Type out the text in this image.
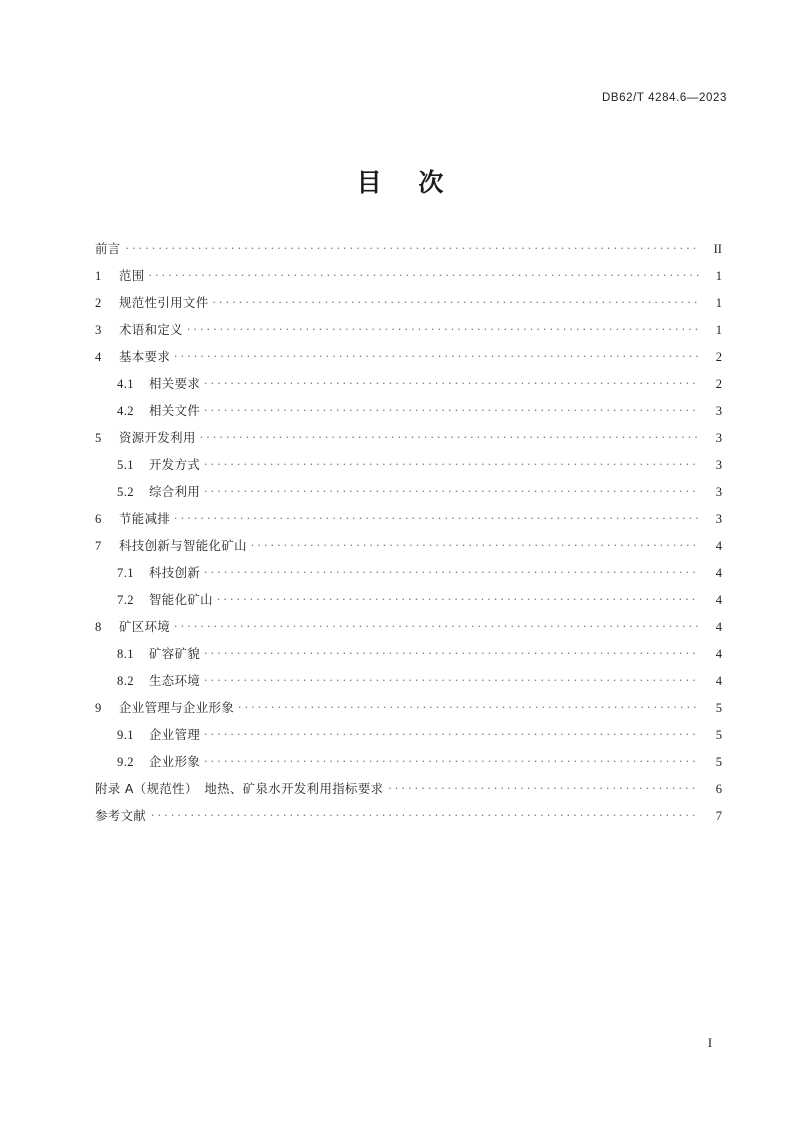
DB62/T 4284.6—2023
目 次
前言 . . .	II
1	范围 . . .	1
2	规范性引用文件 . . .	1
3	术语和定义 . . .	1
4	基本要求 . . .	2
4.1	相关要求 . . .	2
4.2	相关文件 . . .	3
5	资源开发利用 . . .	3
5.1	开发方式 . . .	3
5.2	综合利用 . . .	3
6	节能减排 . . .	3
7	科技创新与智能化矿山 . . .	4
7.1	科技创新 . . .	4
7.2	智能化矿山 . . .	4
8	矿区环境 . . .	4
8.1	矿容矿貌 . . .	4
8.2	生态环境 . . .	4
9	企业管理与企业形象 . . .	5
9.1	企业管理 . . .	5
9.2	企业形象 . . .	5
附录 A（规范性）　地热、矿泉水开发利用指标要求 . . .	6
参考文献 . . .	7
I
